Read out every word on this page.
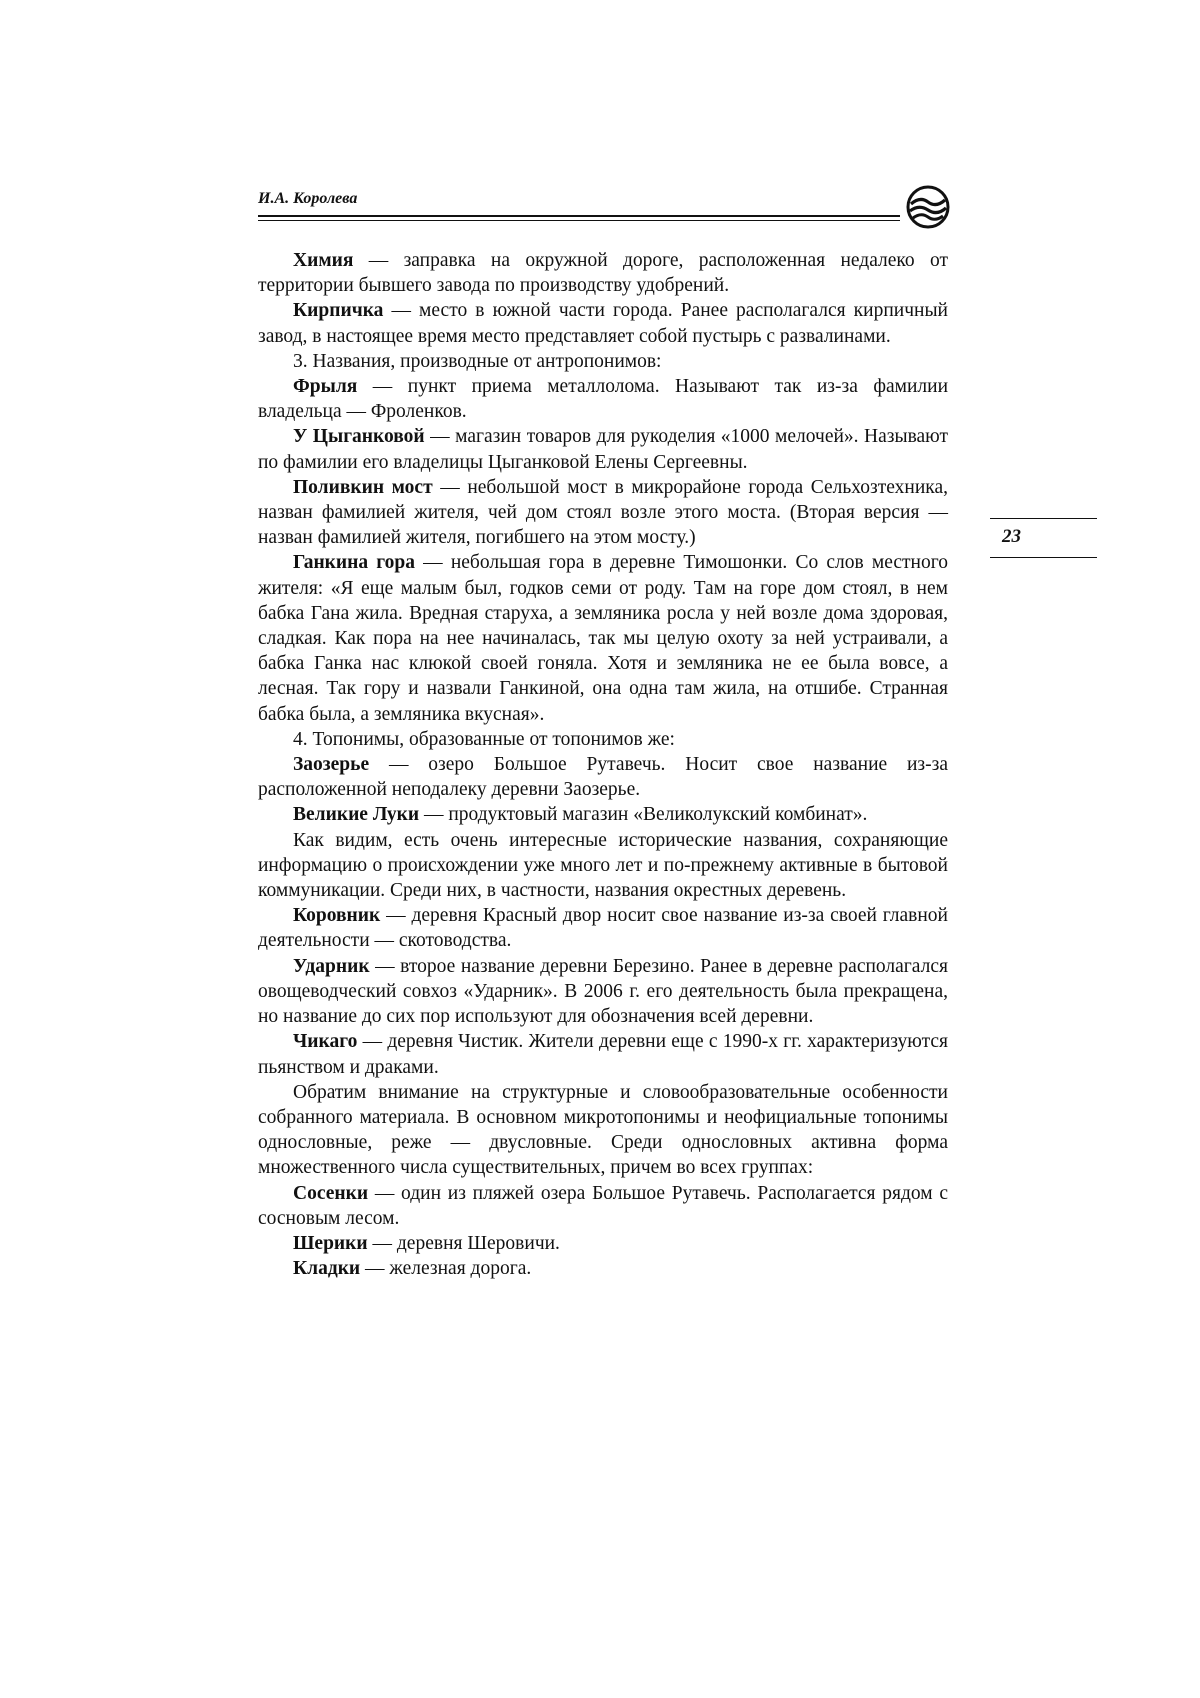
И.А. Королева
23

Химия — заправка на окружной дороге, расположенная недалеко от территории бывшего завода по производству удобрений.

Кирпичка — место в южной части города. Ранее располагался кирпичный завод, в настоящее время место представляет собой пустырь с развалинами.

3. Названия, производные от антропонимов:

Фрыля — пункт приема металлолома. Называют так из-за фамилии владельца — Фроленков.

У Цыганковой — магазин товаров для рукоделия «1000 мелочей». Называют по фамилии его владелицы Цыганковой Елены Сергеевны.

Поливкин мост — небольшой мост в микрорайоне города Сельхозтехника, назван фамилией жителя, чей дом стоял возле этого моста. (Вторая версия — назван фамилией жителя, погибшего на этом мосту.)

Ганкина гора — небольшая гора в деревне Тимошонки. Со слов местного жителя: «Я еще малым был, годков семи от роду. Там на горе дом стоял, в нем бабка Гана жила. Вредная старуха, а земляника росла у ней возле дома здоровая, сладкая. Как пора на нее начиналась, так мы целую охоту за ней устраивали, а бабка Ганка нас клюкой своей гоняла. Хотя и земляника не ее была вовсе, а лесная. Так гору и назвали Ганкиной, она одна там жила, на отшибе. Странная бабка была, а земляника вкусная».

4. Топонимы, образованные от топонимов же:

Заозерье — озеро Большое Рутавечь. Носит свое название из-за расположенной неподалеку деревни Заозерье.

Великие Луки — продуктовый магазин «Великолукский комбинат».

Как видим, есть очень интересные исторические названия, сохраняющие информацию о происхождении уже много лет и по-прежнему активные в бытовой коммуникации. Среди них, в частности, названия окрестных деревень.

Коровник — деревня Красный двор носит свое название из-за своей главной деятельности — скотоводства.

Ударник — второе название деревни Березино. Ранее в деревне располагался овощеводческий совхоз «Ударник». В 2006 г. его деятельность была прекращена, но название до сих пор используют для обозначения всей деревни.

Чикаго — деревня Чистик. Жители деревни еще с 1990-х гг. характеризуются пьянством и драками.

Обратим внимание на структурные и словообразовательные особенности собранного материала. В основном микротопонимы и неофициальные топонимы однословные, реже — двусловные. Среди однословных активна форма множественного числа существительных, причем во всех группах:

Сосенки — один из пляжей озера Большое Рутавечь. Располагается рядом с сосновым лесом.

Шерики — деревня Шеровичи.

Кладки — железная дорога.
